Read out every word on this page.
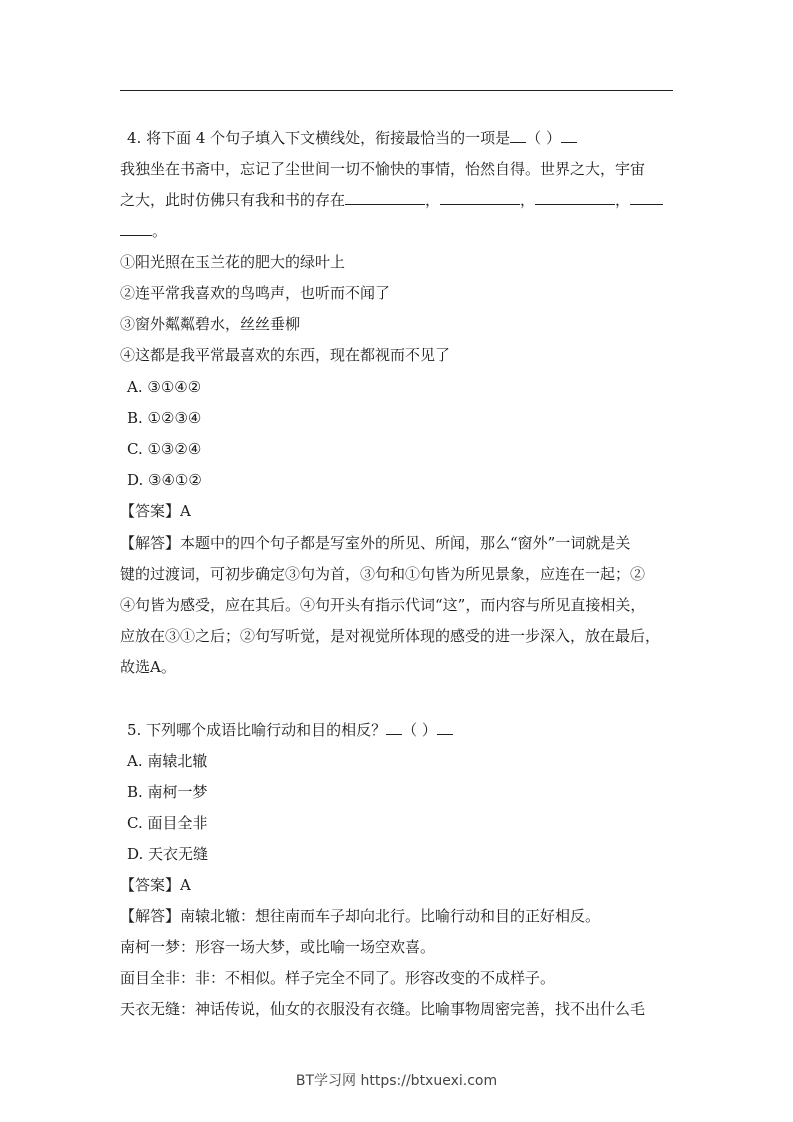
4. 将下面 4 个句子填入下文横线处，衔接最恰当的一项是 （ ）
我独坐在书斋中，忘记了尘世间一切不愉快的事情，怡然自得。世界之大，宇宙
之大，此时仿佛只有我和书的存在	，	，	，
。
①阳光照在玉兰花的肥大的绿叶上
②连平常我喜欢的鸟鸣声，也听而不闻了
③窗外粼粼碧水，丝丝垂柳
④这都是我平常最喜欢的东西，现在都视而不见了
A. ③①④②
B. ①②③④
C. ①③②④
D. ③④①②
【答案】A
【解答】本题中的四个句子都是写室外的所见、所闻，那么“窗外”一词就是关
键的过渡词，可初步确定③句为首，③句和①句皆为所见景象，应连在一起；②
④句皆为感受，应在其后。④句开头有指示代词“这”，而内容与所见直接相关，
应放在③①之后；②句写听觉，是对视觉所体现的感受的进一步深入，放在最后，
故选A。
5. 下列哪个成语比喻行动和目的相反？ （ ）
A. 南辕北辙
B. 南柯一梦
C. 面目全非
D. 天衣无缝
【答案】A
【解答】南辕北辙：想往南而车子却向北行。比喻行动和目的正好相反。
南柯一梦：形容一场大梦，或比喻一场空欢喜。
面目全非：非：不相似。样子完全不同了。形容改变的不成样子。
天衣无缝：神话传说，仙女的衣服没有衣缝。比喻事物周密完善，找不出什么毛
BT学习网 https://btxuexi.com
